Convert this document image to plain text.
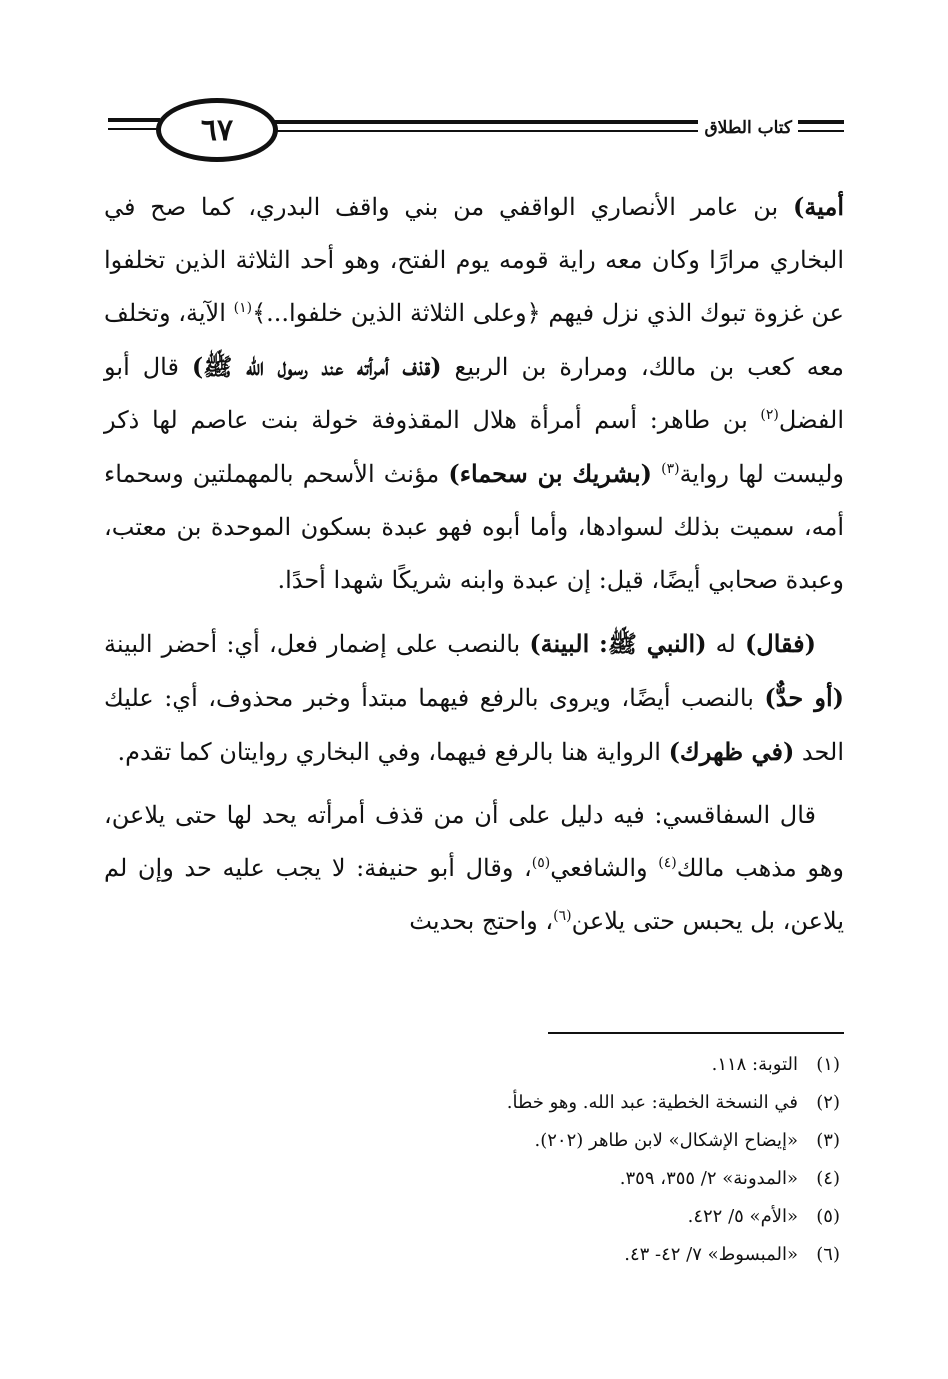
٦٧	كتاب الطلاق

أمية) بن عامر الأنصاري الواقفي من بني واقف البدري، كما صح في البخاري مرارًا وكان معه راية قومه يوم الفتح، وهو أحد الثلاثة الذين تخلفوا عن غزوة تبوك الذي نزل فيهم ﴿وعلى الثلاثة الذين خلفوا...﴾$^{(١)}$ الآية، وتخلف معه كعب بن مالك، ومرارة بن الربيع (قذف أمرأته عند رسول الله ﷺ) قال أبو الفضل$^{(٢)}$ بن طاهر: أسم أمرأة هلال المقذوفة خولة بنت عاصم لها ذكر وليست لها رواية$^{(٣)}$ (بشريك بن سحماء) مؤنث الأسحم بالمهملتين وسحماء أمه، سميت بذلك لسوادها، وأما أبوه فهو عبدة بسكون الموحدة بن معتب، وعبدة صحابي أيضًا، قيل: إن عبدة وابنه شريكًا شهدا أحدًا.

(فقال) له (النبي ﷺ: البينة) بالنصب على إضمار فعل، أي: أحضر البينة (أو حدٌّ) بالنصب أيضًا، ويروى بالرفع فيهما مبتدأ وخبر محذوف، أي: عليك الحد (في ظهرك) الرواية هنا بالرفع فيهما، وفي البخاري روايتان كما تقدم.

قال السفاقسي: فيه دليل على أن من قذف أمرأته يحد لها حتى يلاعن، وهو مذهب مالك$^{(٤)}$ والشافعي$^{(٥)}$، وقال أبو حنيفة: لا يجب عليه حد وإن لم يلاعن، بل يحبس حتى يلاعن$^{(٦)}$، واحتج بحديث

(١)
التوبة: ١١٨.
(٢)
في النسخة الخطية: عبد الله. وهو خطأ.
(٣)
«إيضاح الإشكال» لابن طاهر (٢٠٢).
(٤)
«المدونة» ٢/ ٣٥٥، ٣٥٩.
(٥)
«الأم» ٥/ ٤٢٢.
(٦)
«المبسوط» ٧/ ٤٢- ٤٣.
